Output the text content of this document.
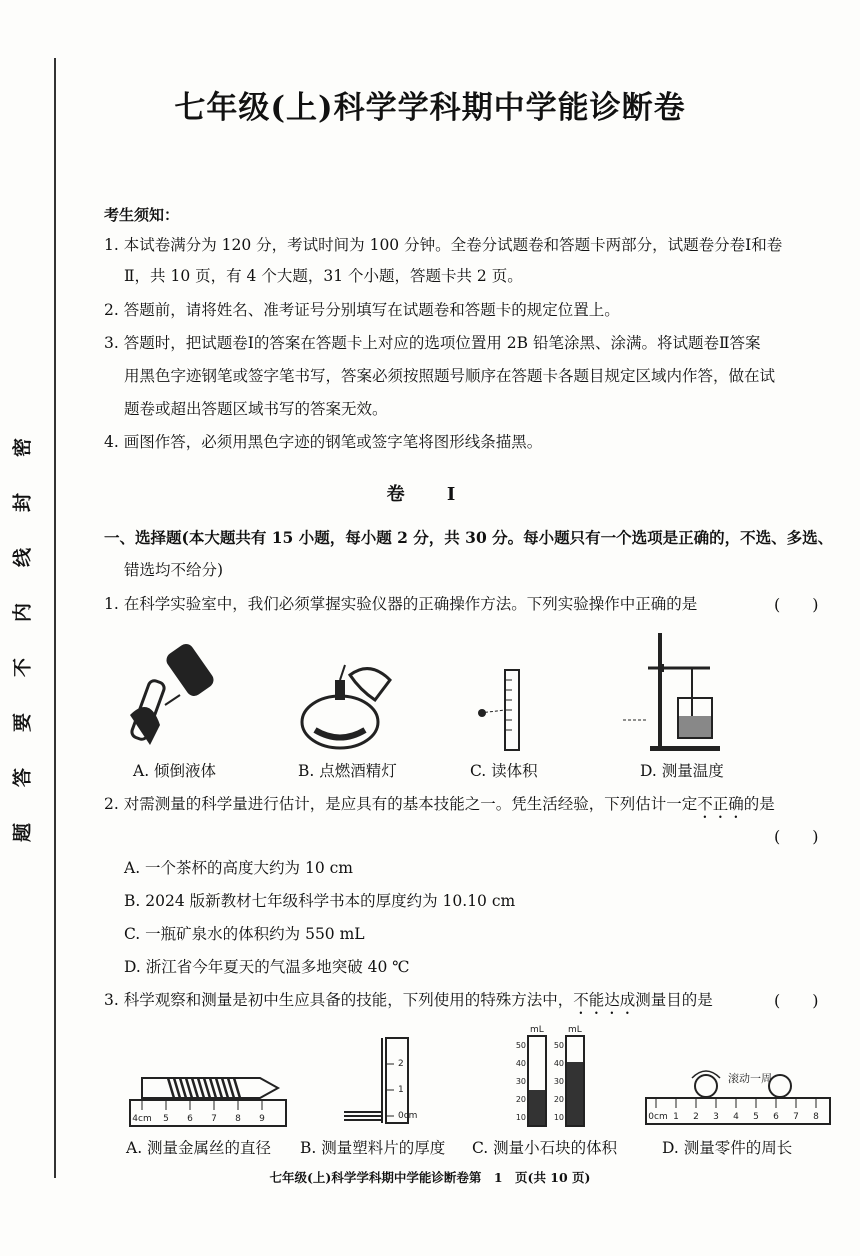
密
封
线
内
不
要
答
题
七年级(上)科学学科期中学能诊断卷
考生须知：
1. 本试卷满分为 120 分，考试时间为 100 分钟。全卷分试题卷和答题卡两部分，试题卷分卷Ⅰ和卷
Ⅱ，共 10 页，有 4 个大题，31 个小题，答题卡共 2 页。
2. 答题前，请将姓名、准考证号分别填写在试题卷和答题卡的规定位置上。
3. 答题时，把试题卷Ⅰ的答案在答题卡上对应的选项位置用 2B 铅笔涂黑、涂满。将试题卷Ⅱ答案
用黑色字迹钢笔或签字笔书写，答案必须按照题号顺序在答题卡各题目规定区域内作答，做在试
题卷或超出答题区域书写的答案无效。
4. 画图作答，必须用黑色字迹的钢笔或签字笔将图形线条描黑。
卷 Ⅰ
一、选择题(本大题共有 15 小题，每小题 2 分，共 30 分。每小题只有一个选项是正确的，不选、多选、
错选均不给分)
1. 在科学实验室中，我们必须掌握实验仪器的正确操作方法。下列实验操作中正确的是	(　　)
A. 倾倒液体	B. 点燃酒精灯	C. 读体积	D. 测量温度
2. 对需测量的科学量进行估计，是应具有的基本技能之一。凭生活经验，下列估计一定不正确的是
(　　)
A. 一个茶杯的高度大约为 10 cm
B. 2024 版新教材七年级科学书本的厚度约为 10.10 cm
C. 一瓶矿泉水的体积约为 550 mL
D. 浙江省今年夏天的气温多地突破 40 ℃
3. 科学观察和测量是初中生应具备的技能，下列使用的特殊方法中，不能达成测量目的是	(　　)
4cm 5 6 7 8 9	0cm
1
2
mL	mL
50
40
30
20
10
50
40
30
20
10
滚动一周
0cm 1 2 3 4 5 6 7 8
A. 测量金属丝的直径 B. 测量塑料片的厚度 C. 测量小石块的体积	D. 测量零件的周长
七年级(上)科学学科期中学能诊断卷第　1　页(共 10 页)
